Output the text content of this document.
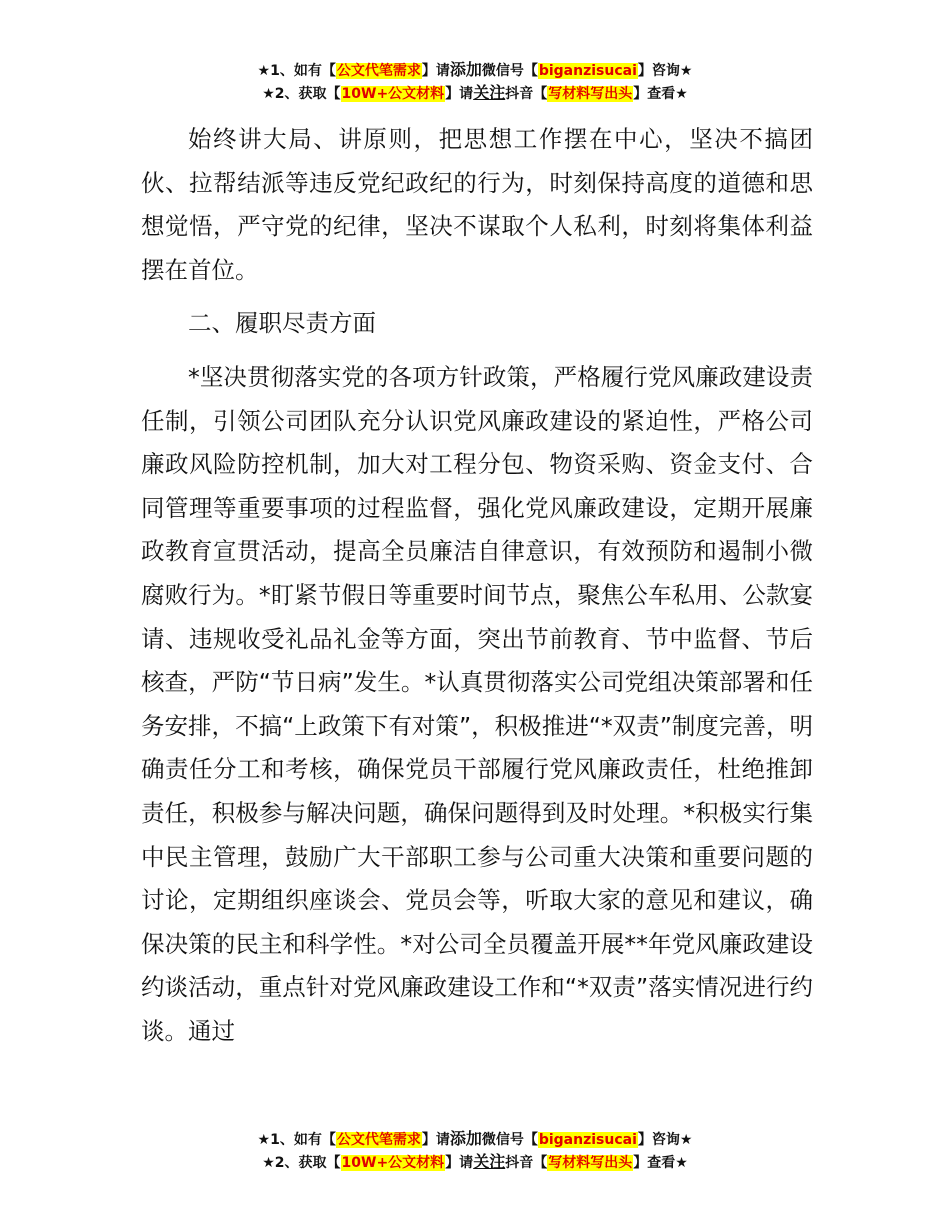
★1、如有【公文代笔需求】请添加微信号【biganzisucai】咨询★
★2、获取【10W+公文材料】请关注抖音【写材料写出头】查看★

始终讲大局、讲原则，把思想工作摆在中心，坚决不搞团伙、拉帮结派等违反党纪政纪的行为，时刻保持高度的道德和思想觉悟，严守党的纪律，坚决不谋取个人私利，时刻将集体利益摆在首位。

二、履职尽责方面

*坚决贯彻落实党的各项方针政策，严格履行党风廉政建设责任制，引领公司团队充分认识党风廉政建设的紧迫性，严格公司廉政风险防控机制，加大对工程分包、物资采购、资金支付、合同管理等重要事项的过程监督，强化党风廉政建设，定期开展廉政教育宣贯活动，提高全员廉洁自律意识，有效预防和遏制小微腐败行为。*盯紧节假日等重要时间节点，聚焦公车私用、公款宴请、违规收受礼品礼金等方面，突出节前教育、节中监督、节后核查，严防“节日病”发生。*认真贯彻落实公司党组决策部署和任务安排，不搞“上政策下有对策”，积极推进“*双责”制度完善，明确责任分工和考核，确保党员干部履行党风廉政责任，杜绝推卸责任，积极参与解决问题，确保问题得到及时处理。*积极实行集中民主管理，鼓励广大干部职工参与公司重大决策和重要问题的讨论，定期组织座谈会、党员会等，听取大家的意见和建议，确保决策的民主和科学性。*对公司全员覆盖开展**年党风廉政建设约谈活动，重点针对党风廉政建设工作和“*双责”落实情况进行约谈。通过

★1、如有【公文代笔需求】请添加微信号【biganzisucai】咨询★
★2、获取【10W+公文材料】请关注抖音【写材料写出头】查看★
